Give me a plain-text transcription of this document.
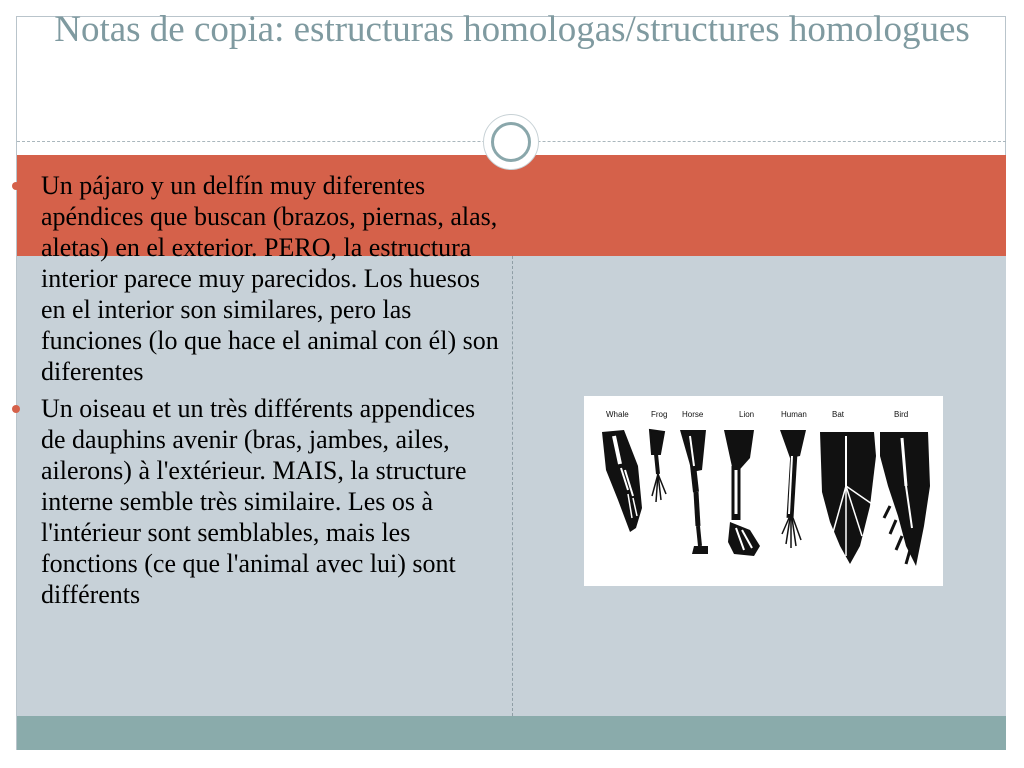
Notas de copia: estructuras homologas/structures homologues
Un pájaro y un delfín muy diferentes apéndices que buscan (brazos, piernas, alas, aletas) en el exterior. PERO, la estructura interior parece muy parecidos. Los huesos en el interior son similares, pero las funciones (lo que hace el animal con él) son diferentes
Un oiseau et un très différents appendices de dauphins avenir (bras, jambes, ailes, ailerons) à l'extérieur. MAIS, la structure interne semble très similaire. Les os à l'intérieur sont semblables, mais les fonctions (ce que l'animal avec lui) sont différents
Whale	Frog Horse	Lion	Human	Bat	Bird
